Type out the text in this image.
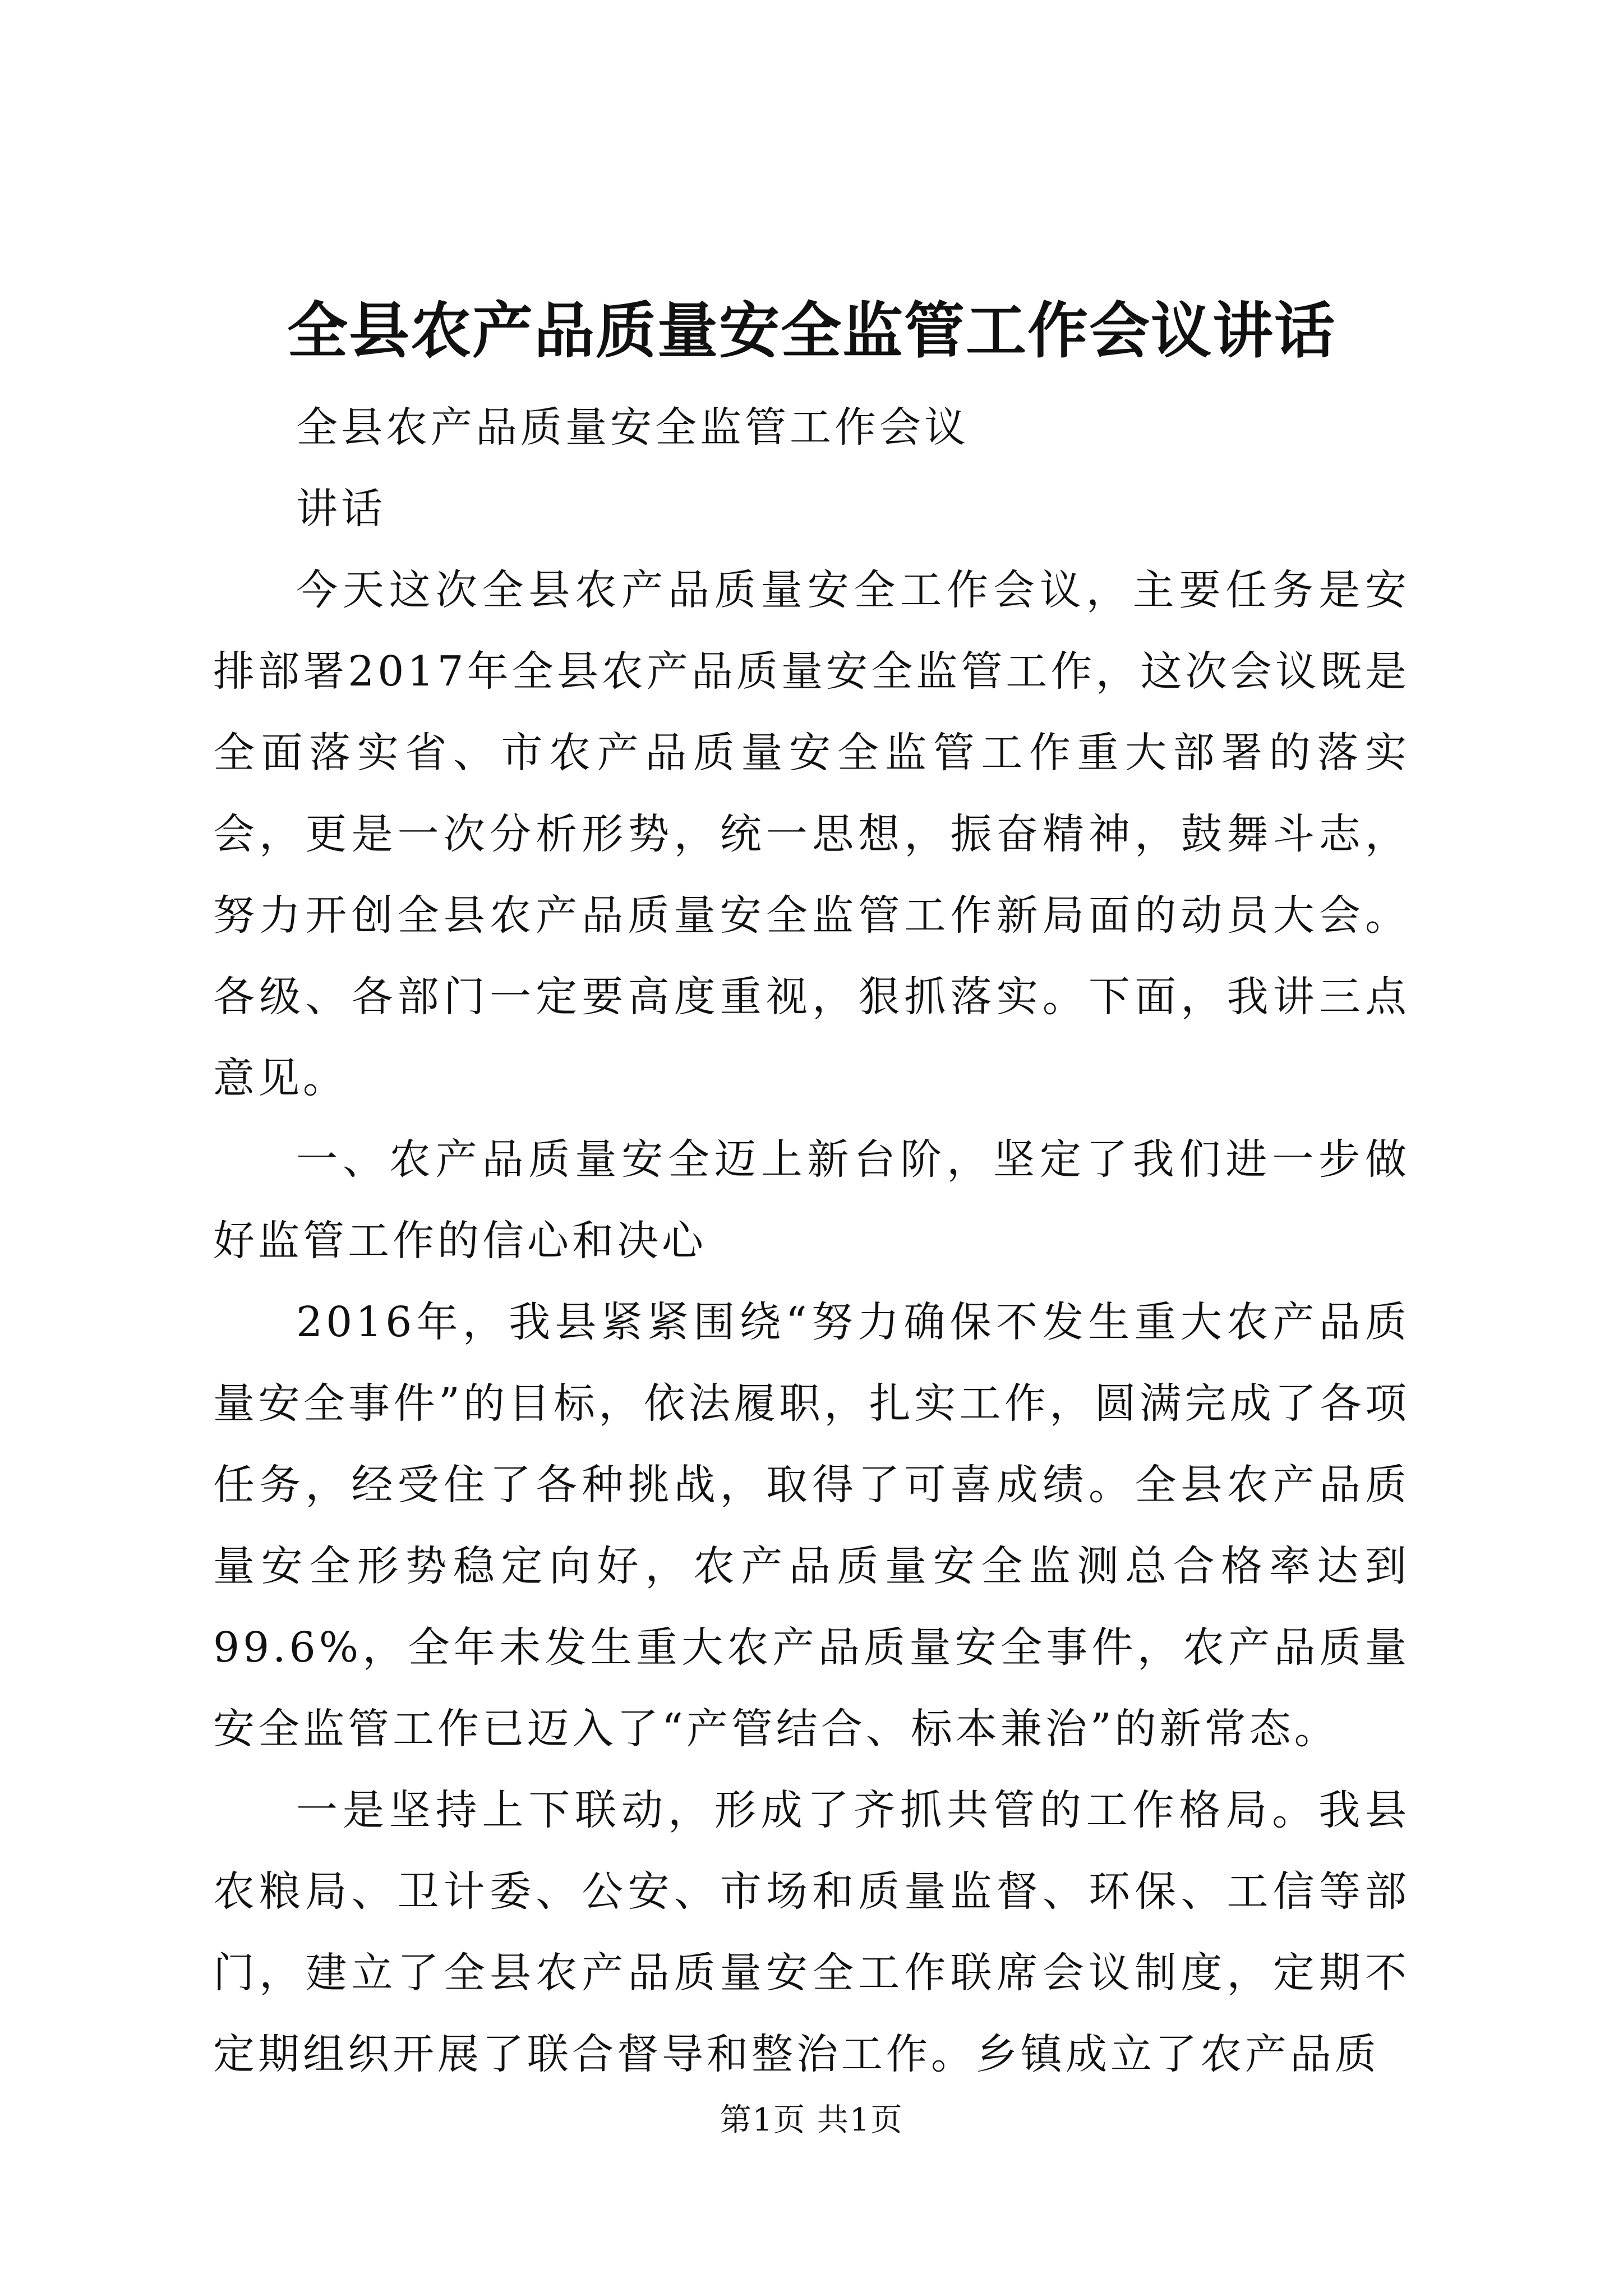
全县农产品质量安全监管工作会议讲话

全县农产品质量安全监管工作会议

讲话

今天这次全县农产品质量安全工作会议，主要任务是安排部署2017年全县农产品质量安全监管工作，这次会议既是全面落实省、市农产品质量安全监管工作重大部署的落实会，更是一次分析形势，统一思想，振奋精神，鼓舞斗志，努力开创全县农产品质量安全监管工作新局面的动员大会。各级、各部门一定要高度重视，狠抓落实。下面，我讲三点意见。

一、农产品质量安全迈上新台阶，坚定了我们进一步做好监管工作的信心和决心

2016年，我县紧紧围绕“努力确保不发生重大农产品质量安全事件”的目标，依法履职，扎实工作，圆满完成了各项任务，经受住了各种挑战，取得了可喜成绩。全县农产品质量安全形势稳定向好，农产品质量安全监测总合格率达到99.6%，全年未发生重大农产品质量安全事件，农产品质量安全监管工作已迈入了“产管结合、标本兼治”的新常态。

一是坚持上下联动，形成了齐抓共管的工作格局。我县农粮局、卫计委、公安、市场和质量监督、环保、工信等部门，建立了全县农产品质量安全工作联席会议制度，定期不定期组织开展了联合督导和整治工作。乡镇成立了农产品质

第1页 共1页
